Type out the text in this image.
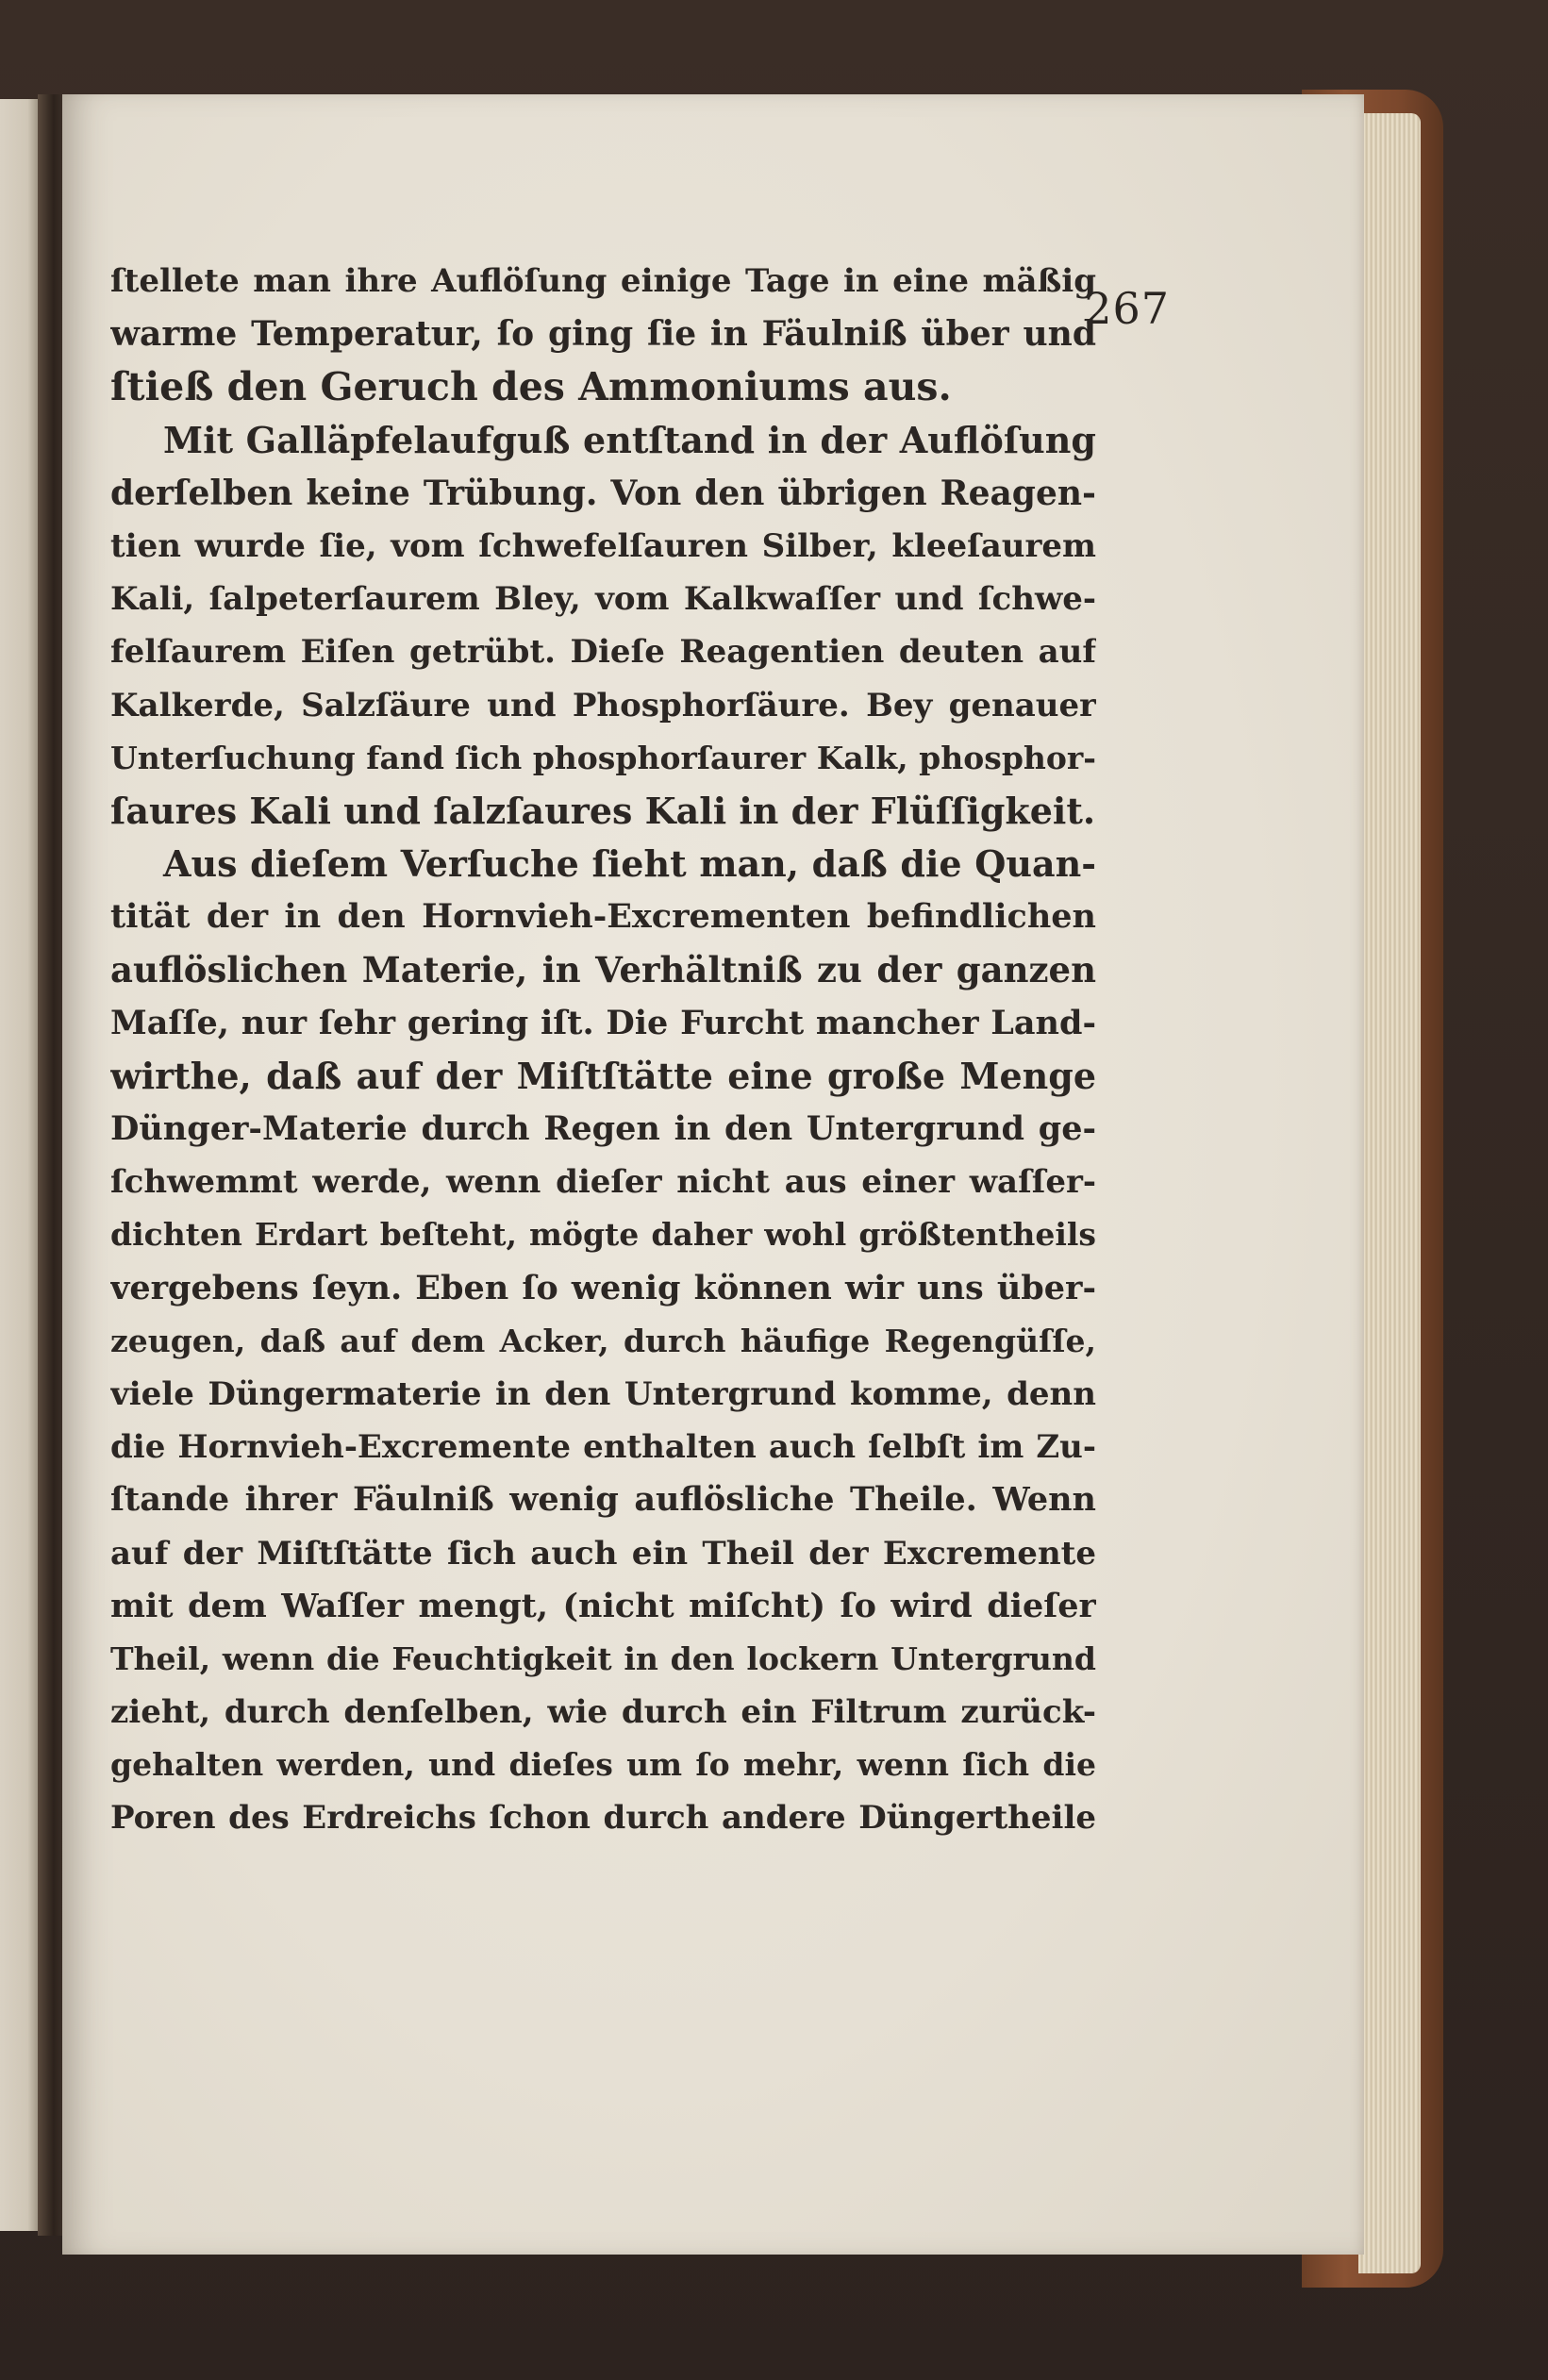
267
ſtellete man ihre Auflöſung einige Tage in eine mäßig
warme Temperatur, ſo ging ſie in Fäulniß über und
ſtieß den Geruch des Ammoniums aus.
Mit Galläpfelaufguß entſtand in der Auflöſung
derſelben keine Trübung. Von den übrigen Reagen-
tien wurde ſie, vom ſchwefelſauren Silber, kleeſaurem
Kali, ſalpeterſaurem Bley, vom Kalkwaſſer und ſchwe-
felſaurem Eiſen getrübt. Dieſe Reagentien deuten auf
Kalkerde, Salzſäure und Phosphorſäure. Bey genauer
Unterſuchung fand ſich phosphorſaurer Kalk, phosphor-
ſaures Kali und ſalzſaures Kali in der Flüſſigkeit.
Aus dieſem Verſuche ſieht man, daß die Quan-
tität der in den Hornvieh-Excrementen befindlichen
auflöslichen Materie, in Verhältniß zu der ganzen
Maſſe, nur ſehr gering iſt. Die Furcht mancher Land-
wirthe, daß auf der Miſtſtätte eine große Menge
Dünger-Materie durch Regen in den Untergrund ge-
ſchwemmt werde, wenn dieſer nicht aus einer waſſer-
dichten Erdart beſteht, mögte daher wohl größtentheils
vergebens ſeyn. Eben ſo wenig können wir uns über-
zeugen, daß auf dem Acker, durch häufige Regengüſſe,
viele Düngermaterie in den Untergrund komme, denn
die Hornvieh-Excremente enthalten auch ſelbſt im Zu-
ſtande ihrer Fäulniß wenig auflösliche Theile. Wenn
auf der Miſtſtätte ſich auch ein Theil der Excremente
mit dem Waſſer mengt, (nicht miſcht) ſo wird dieſer
Theil, wenn die Feuchtigkeit in den lockern Untergrund
zieht, durch denſelben, wie durch ein Filtrum zurück-
gehalten werden, und dieſes um ſo mehr, wenn ſich die
Poren des Erdreichs ſchon durch andere Düngertheile
